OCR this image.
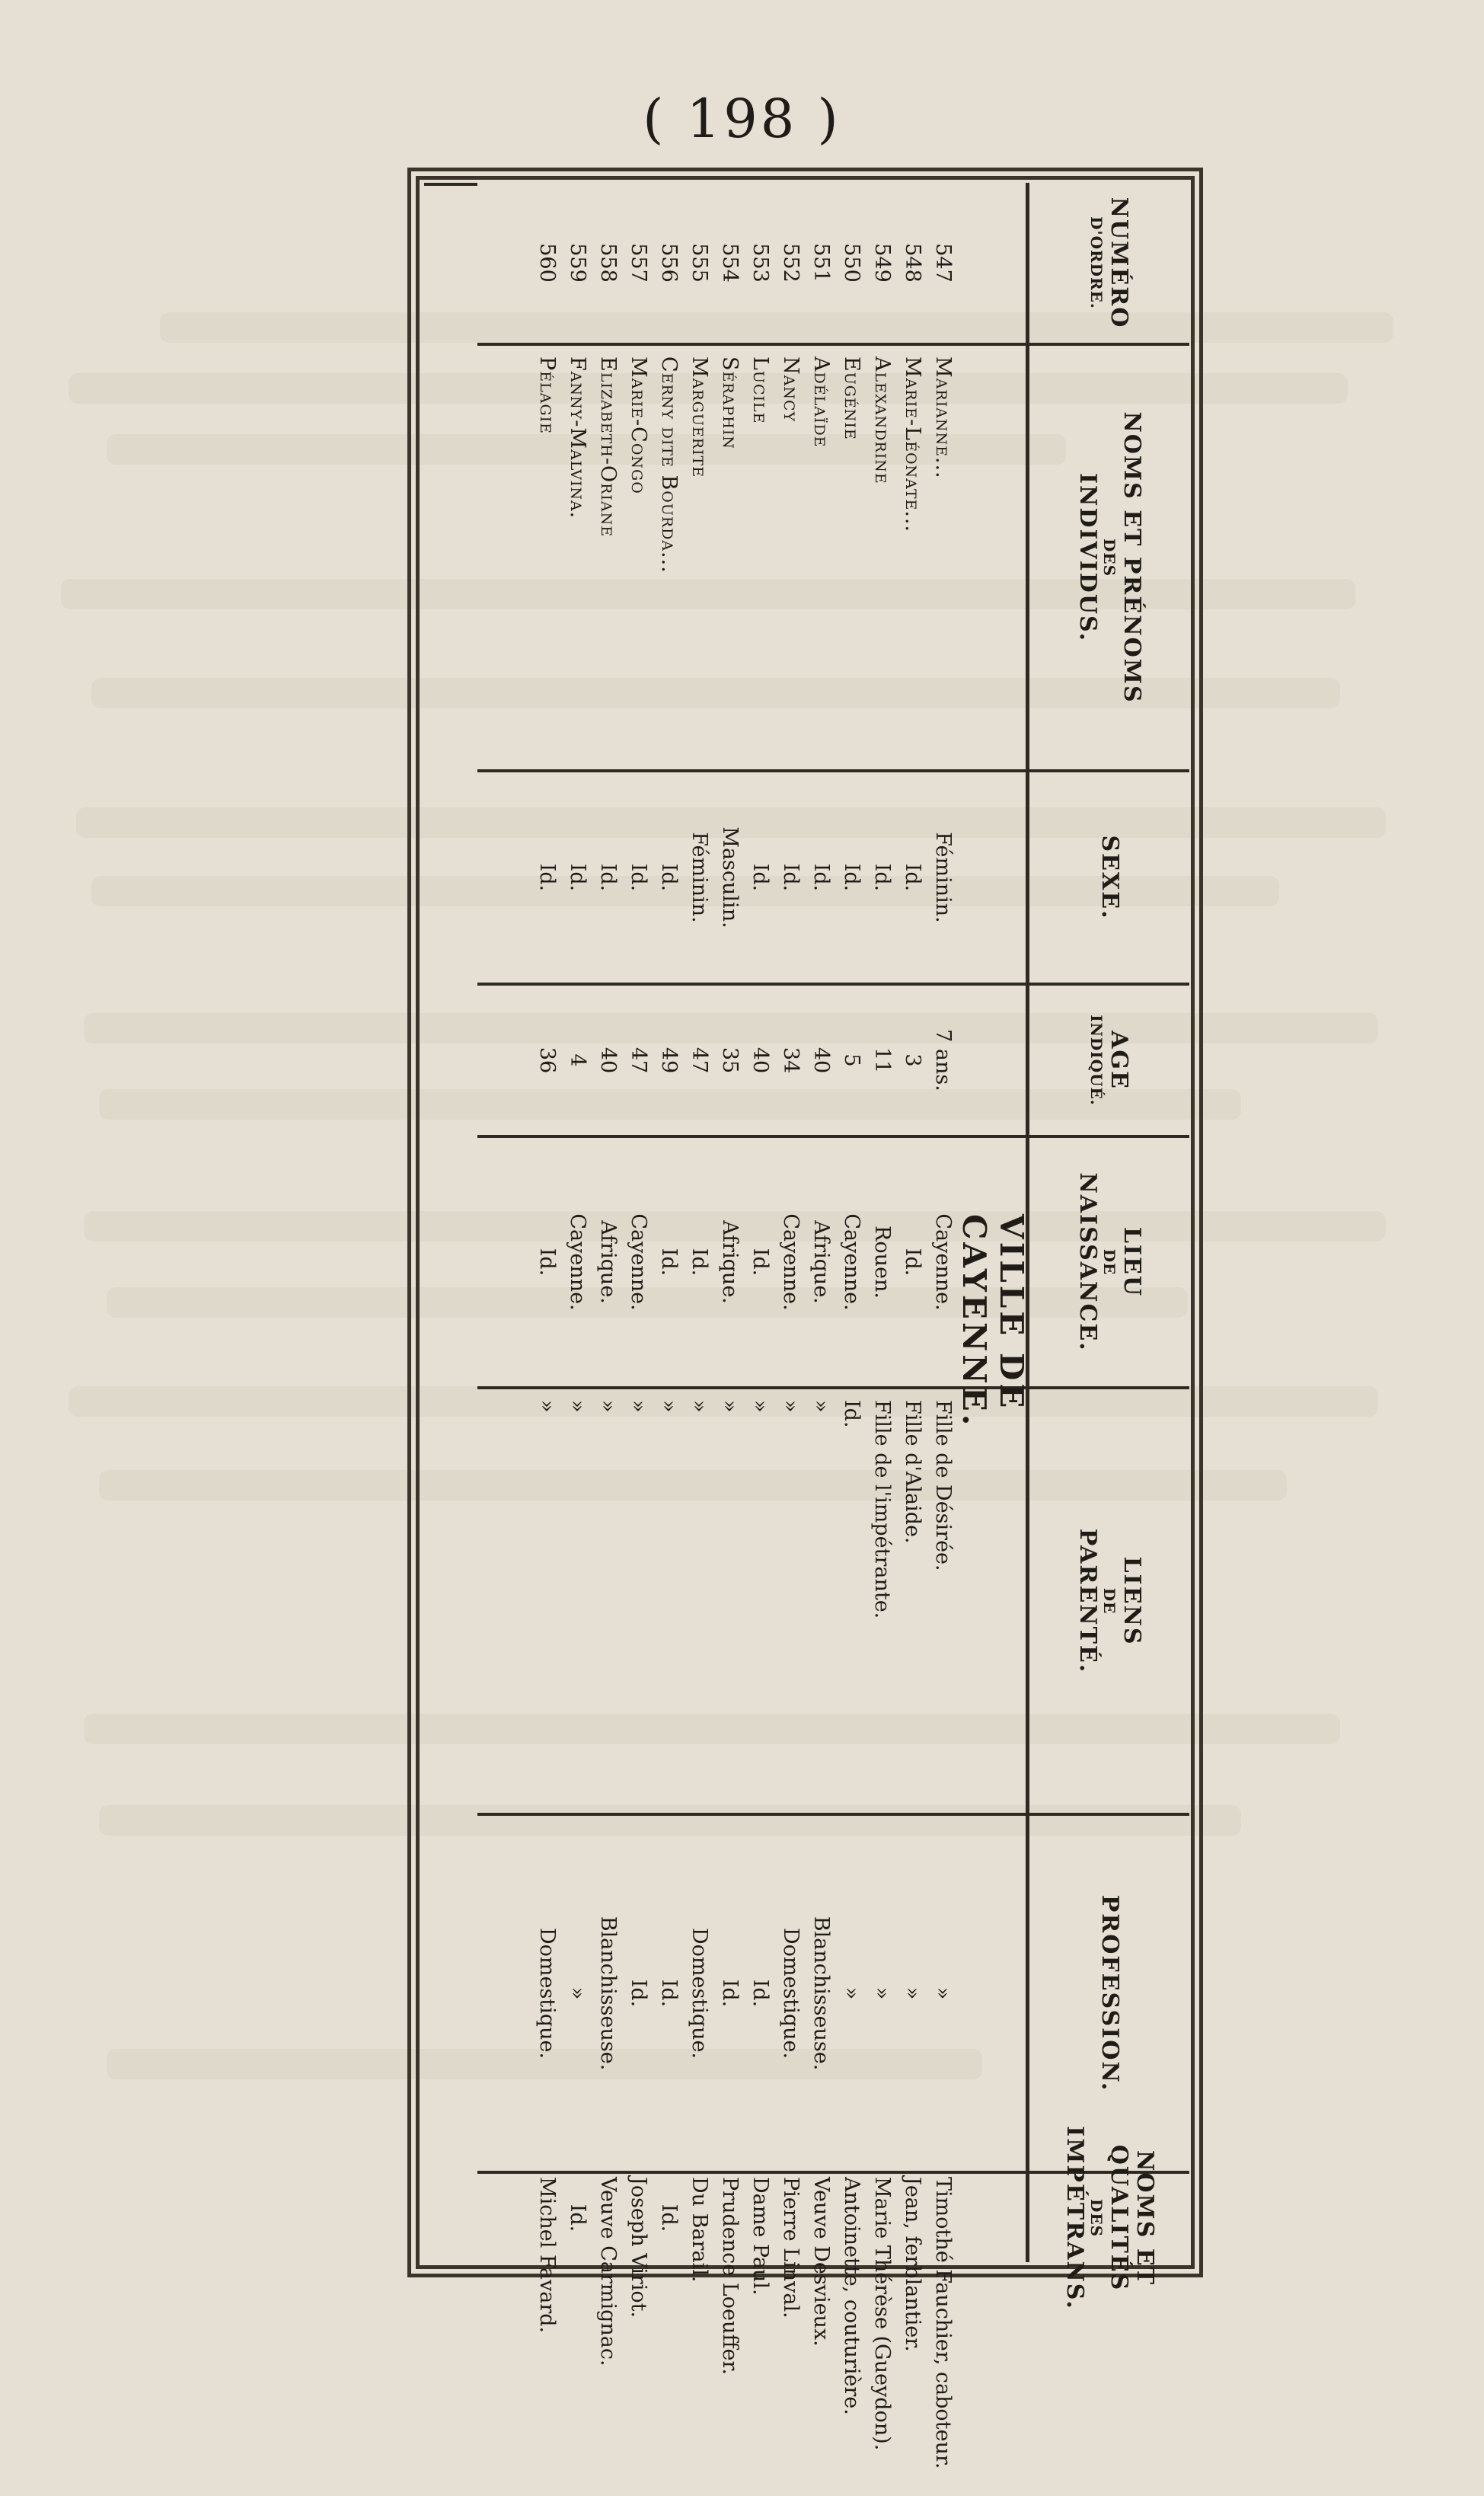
( 198 )
NUMÉRO
D'ORDRE.
547
548
549
550
551
552
553
554
555
556
557
558
559
560
NOMS ET PRÉNOMS
DES
INDIVIDUS.
Marianne...
Marie-Léonate...
Alexandrine
Eugénie
Adélaïde
Nancy
Lucile
Séraphin
Marguerite
Cerny dite Bourda...
Marie-Congo
Elizabeth-Oriane
Fanny-Malvina.
Pélagie
SEXE.
Féminin.
Id.
Id.
Id.
Id.
Id.
Id.
Masculin.
Féminin.
Id.
Id.
Id.
Id.
Id.
AGE
INDIQUÉ.
7 ans.
3
11
5
40
34
40
35
47
49
47
40
4
36
LIEU
DE
NAISSANCE.
Cayenne.
Id.
Rouen.
Cayenne.
Afrique.
Cayenne.
Id.
Afrique.
Id.
Id.
Cayenne.
Afrique.
Cayenne.
Id.
LIENS
DE
PARENTÉ.
VILLE DE CAYENNE.
Fille de Désirée.
Fille d'Alaide.
Fille de l'impétrante.
Id.
»
»
»
»
»
»
»
»
»
»
PROFESSION.
»
»
»
»
Blanchisseuse.
Domestique.
Id.
Id.
Domestique.
Id.
Id.
Blanchisseuse.
»
Domestique.
NOMS ET QUALITÉS
DES
IMPÉTRANS.
Timothé Fauchier, caboteur.
Jean, ferblantier.
Marie Thérèse (Gueydon).
Antoinette, couturière.
Veuve Desvieux.
Pierre Linval.
Dame Paul.
Prudence Loeuffer.
Du Barail.
Id.
Joseph Viriot.
Veuve Carmignac.
Id.
Michel Favard.
